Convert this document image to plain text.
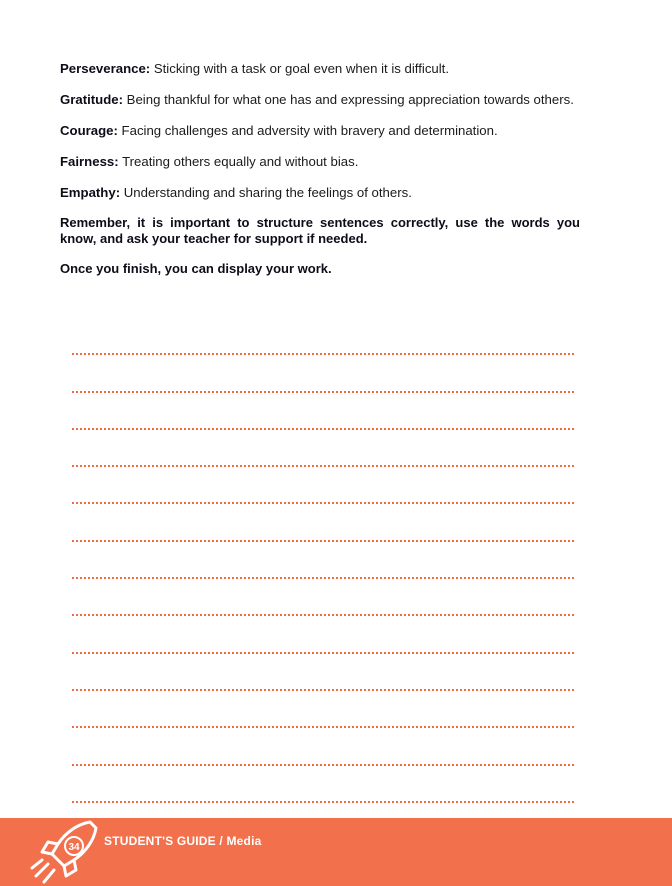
Perseverance: Sticking with a task or goal even when it is difficult.

Gratitude: Being thankful for what one has and expressing appreciation towards others.

Courage: Facing challenges and adversity with bravery and determination.

Fairness: Treating others equally and without bias.

Empathy: Understanding and sharing the feelings of others.

Remember, it is important to structure sentences correctly, use the words you know, and ask your teacher for support if needed.

Once you finish, you can display your work.

34	STUDENT'S GUIDE / Media
